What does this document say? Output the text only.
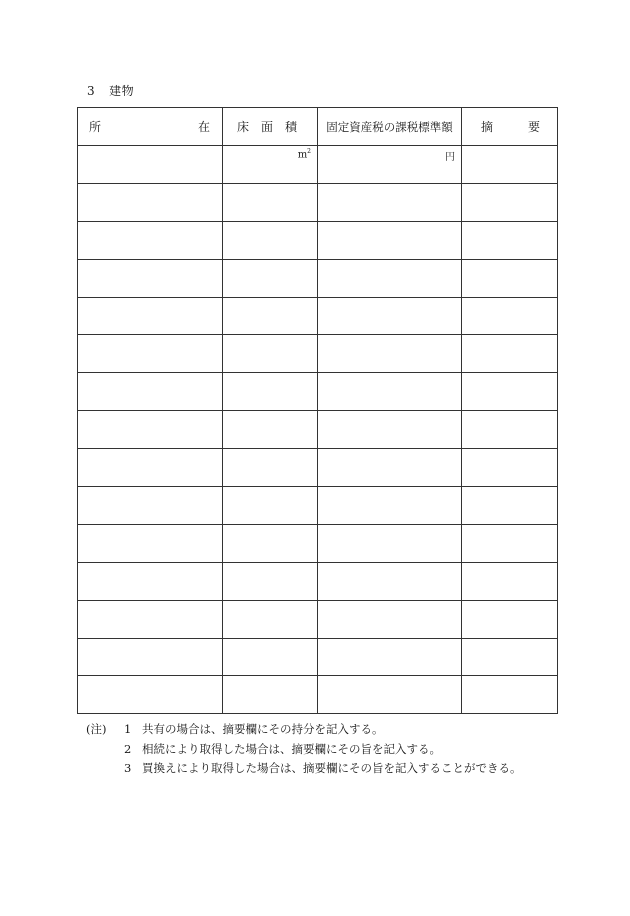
3 建物
所 在	床面積	固定資産税の課税標準額	摘 要

	$m^2$	円	

(注)	1 共有の場合は、摘要欄にその持分を記入する。
2 相続により取得した場合は、摘要欄にその旨を記入する。
3 買換えにより取得した場合は、摘要欄にその旨を記入することができる。
